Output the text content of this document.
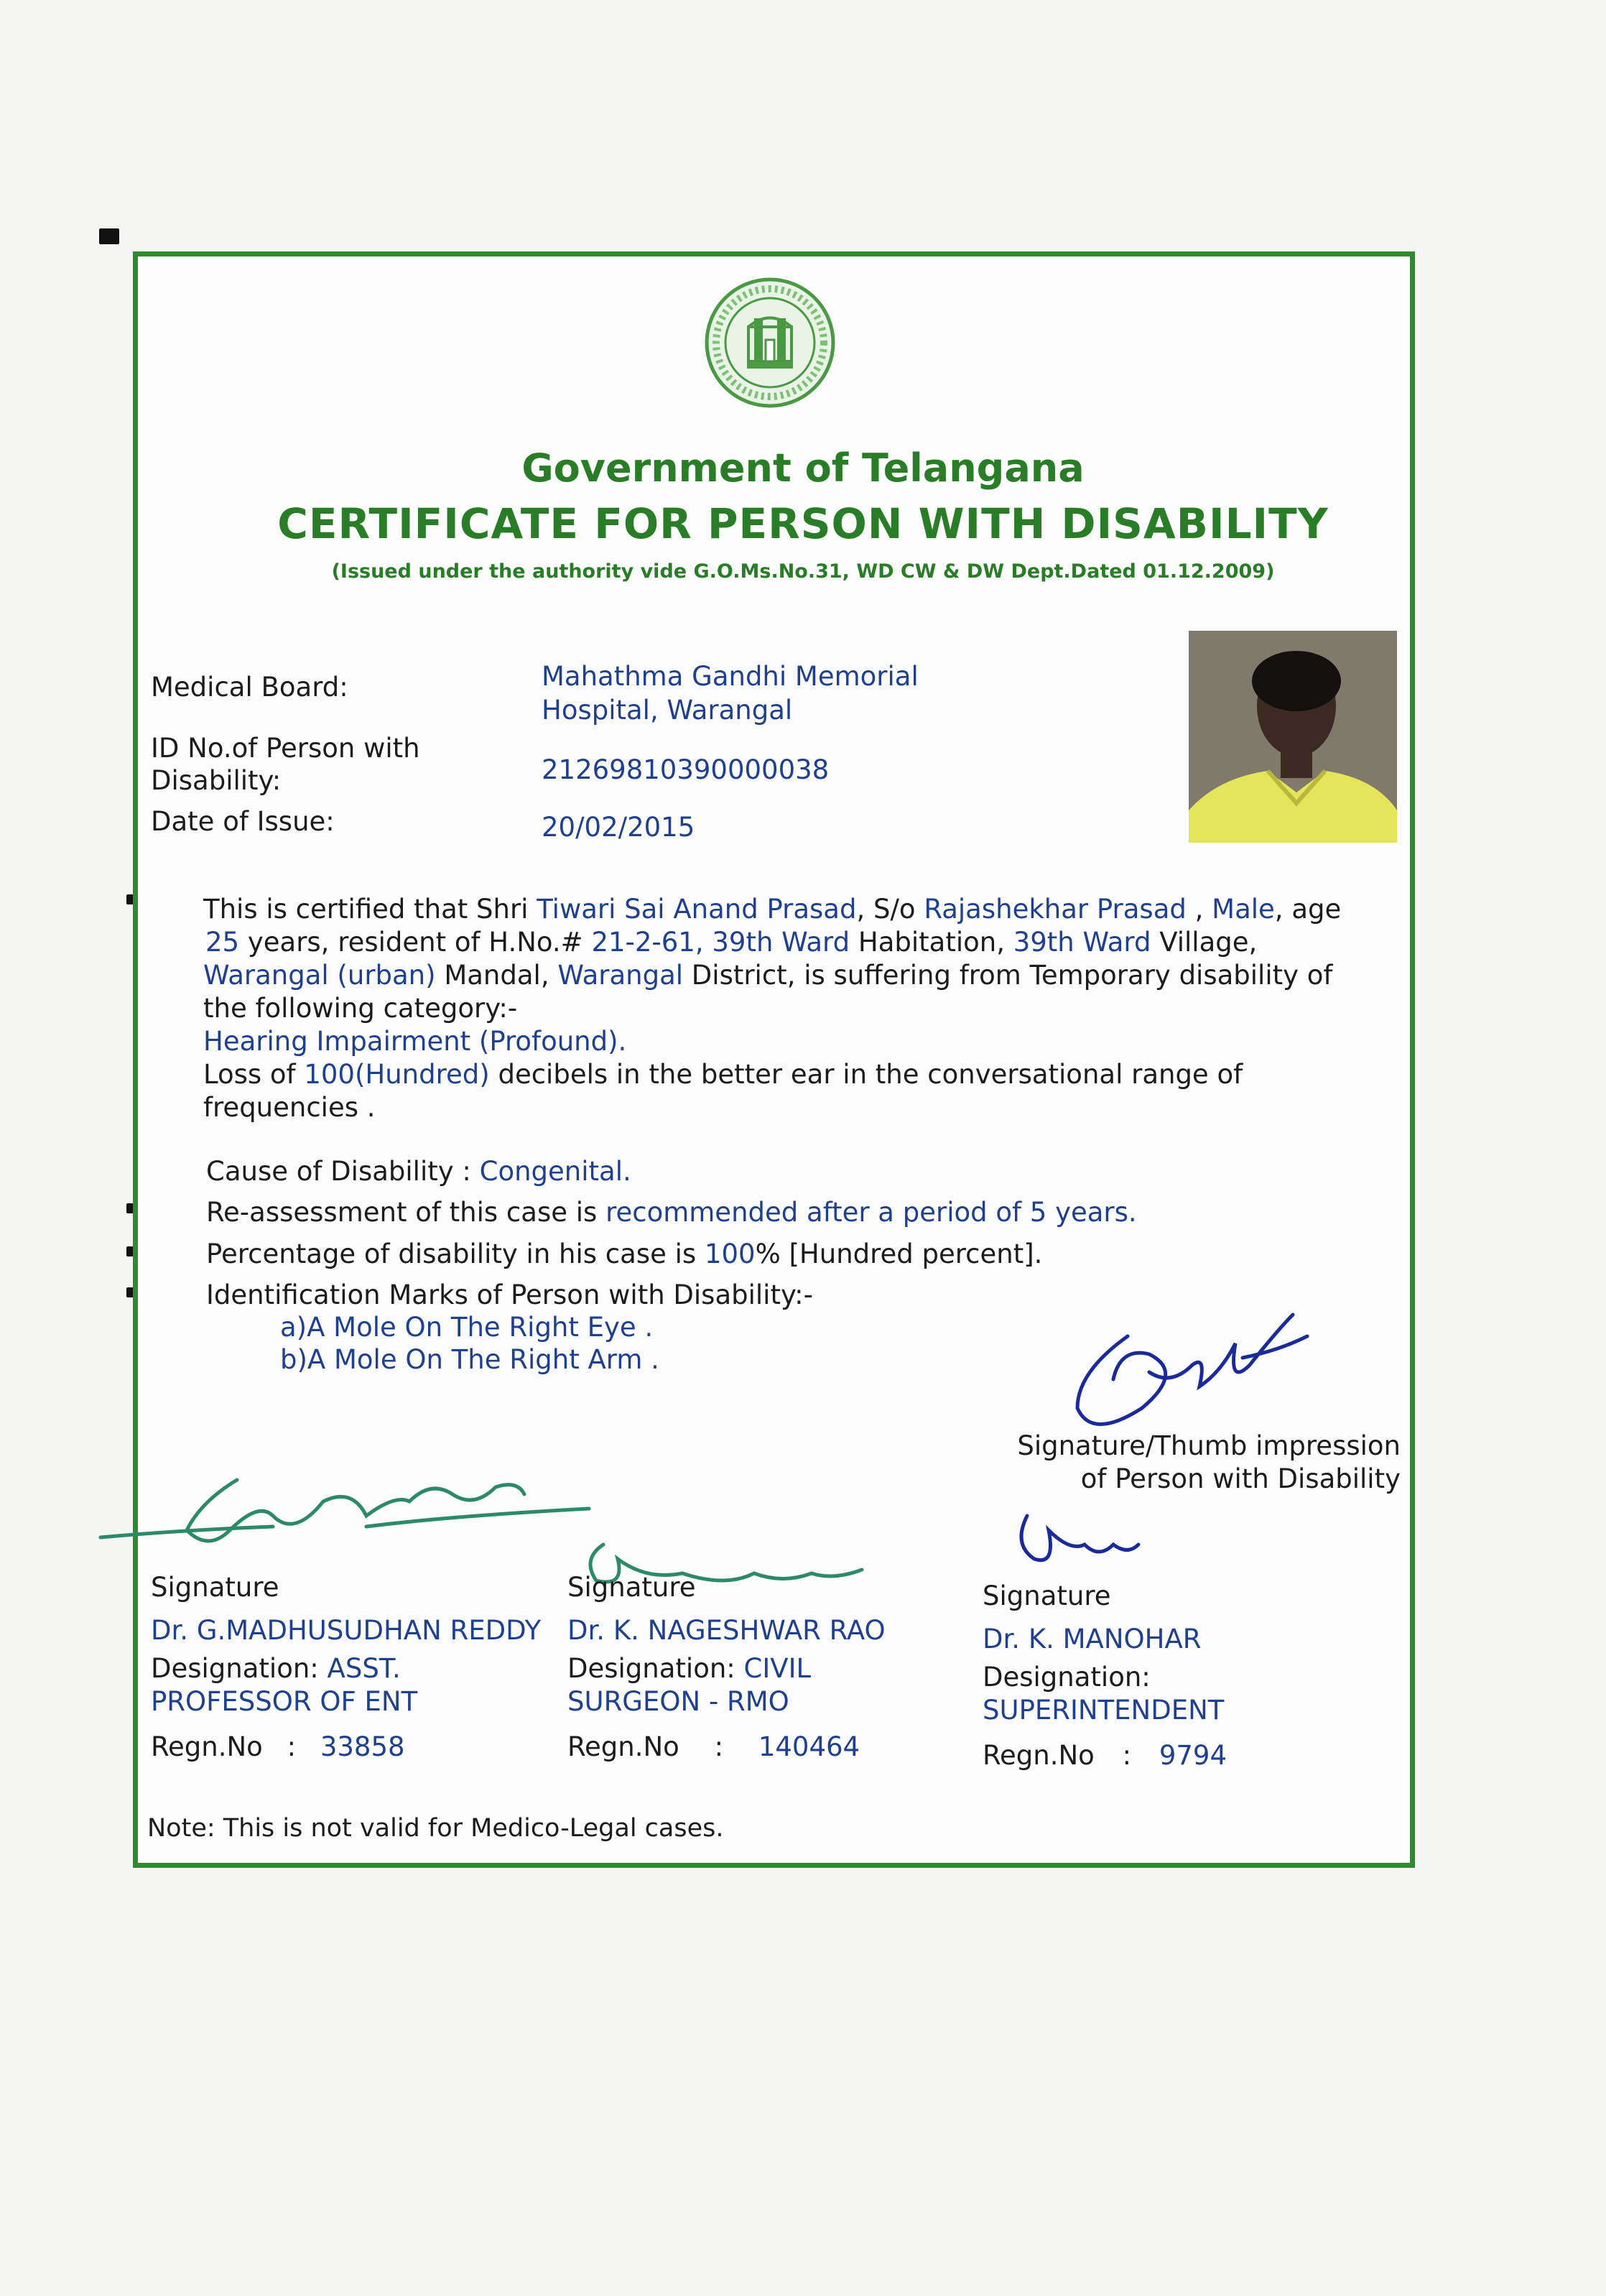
Government of Telangana
CERTIFICATE FOR PERSON WITH DISABILITY
(Issued under the authority vide G.O.Ms.No.31, WD CW & DW Dept.Dated 01.12.2009)
Medical Board:	Mahathma Gandhi Memorial
Hospital, Warangal
ID No.of Person with
Disability:	21269810390000038
Date of Issue:	20/02/2015
This is certified that Shri Tiwari Sai Anand Prasad, S/o Rajashekhar Prasad , Male, age
25 years, resident of H.No.# 21-2-61, 39th Ward Habitation, 39th Ward Village,
Warangal (urban) Mandal, Warangal District, is suffering from Temporary disability of
the following category:-
Hearing Impairment (Profound).
Loss of 100(Hundred) decibels in the better ear in the conversational range of
frequencies .
Cause of Disability : Congenital.
Re-assessment of this case is recommended after a period of 5 years.
Percentage of disability in his case is 100% [Hundred percent].
Identification Marks of Person with Disability:-
a)A Mole On The Right Eye .
b)A Mole On The Right Arm .
Signature/Thumb impression
of Person with Disability
Signature
Dr. G.MADHUSUDHAN REDDY
Designation: ASST.
PROFESSOR OF ENT
Regn.No : 33858
Signature
Dr. K. NAGESHWAR RAO
Designation: CIVIL
SURGEON - RMO
Regn.No : 140464
Signature
Dr. K. MANOHAR
Designation:
SUPERINTENDENT
Regn.No : 9794
Note: This is not valid for Medico-Legal cases.
